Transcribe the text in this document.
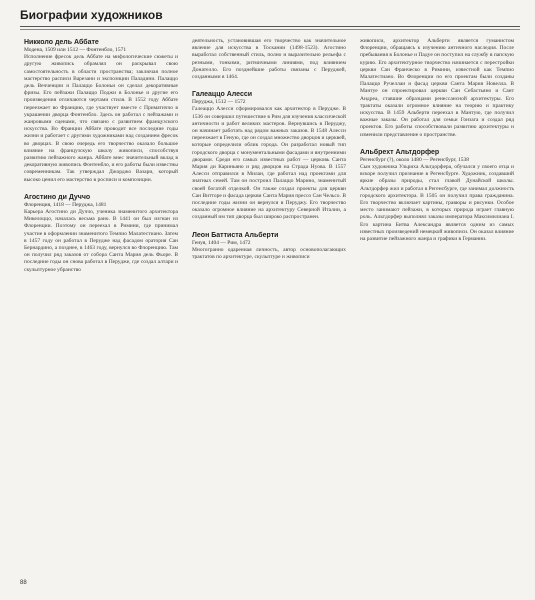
Биографии художников
Никколо дель Аббате
Модена, 1509 или 1512 — Фонтенбло, 1571
Исполнение фресок дель Аббате на мифологические сюжеты и другую живопись обрамлял он раскрывал свою самостоятельность в области пространства; заключая полное мастерство расписи Варезани и экспозиции Паладини. Палаццо дель Вечченции и Палаццо Болоньи он сделал декоративные фризы. Его пейзажи Палаццо Поджи в Болонье и другие его произведения отличаются чертами стиля. В 1552 году Аббате переезжает во Францию, где участвует вместе с Приматиччо в украшении дворца Фонтенбло. Здесь он работал с пейзажами и жанровыми сценами, что связано с развитием французского искусства. Во Франции Аббате проводит все последние годы жизни и работает с другими художниками над созданием фресок во дворцах. В свою очередь его творчество оказало большое влияние на французскую школу живописи, способствуя развитию пейзажного жанра. Аббате внес значительный вклад в декоративную живопись Фонтенбло, и его работы были известны современникам. Так утверждал Джорджо Вазари, который высоко ценил его мастерство в росписи и композиции.
Агостино ди Дуччо
Флоренция, 1418 — Перуджа, 1481
Карьера Агостино ди Дуччо, ученика знаменитого архитектора Микелоццо, началась весьма рано. В 1441 он был изгнан из Флоренции. Поэтому он переехал в Римини, где принимал участие в оформлении знаменитого Темпио Малатестиано. Затем в 1457 году он работал в Перудже над фасадом оратория Сан Бернардино, а позднее, в 1463 году, вернулся во Флоренцию. Там он получил ряд заказов от собора Санта Мария дель Фьоре. В последние годы он снова работал в Перудже, где создал алтари и скульптурное убранство
деятельность, установившая его творчество как значительное явление для искусства в Тоскании (1498-1523). Агостино выработал собственный стиль, полно и выразительно рельефа с резными, тонкими, ритмичными линиями, под влиянием Донателло. Его позднейшие работы связаны с Перуджей, созданными в 1464.
Галеаццо Алесси
Перуджа, 1512 — 1572
Галеаццо Алесси сформировался как архитектор в Перудже. В 1536 он совершил путешествие в Рим для изучения классической античности и работ великих мастеров. Вернувшись в Перуджу, он начинает работать над рядом важных заказов. В 1548 Алесси переезжает в Геную, где он создал множество дворцов и церквей, которые определили облик города. Он разработал новый тип городского дворца с монументальными фасадами и внутренними дворами. Среди его самых известных работ — церковь Санта Мария ди Кариньяно и ряд дворцов на Страда Нуова. В 1557 Алесси отправился в Милан, где работал над проектами для знатных семей. Там он построил Палаццо Марино, знаменитый своей богатой отделкой. Он также создал проекты для церкви Сан Витторе и фасада церкви Санта Мария прессо Сан Чельсо. В последние годы жизни он вернулся в Перуджу. Его творчество оказало огромное влияние на архитектуру Северной Италии, а созданный им тип дворца был широко распространен.
Леон Баттиста Альберти
Генуя, 1404 — Рим, 1472
Многогранно одаренная личность, автор основополагающих трактатов по архитектуре, скульптуре и живописи
живописи, архитектор Альберти является гуманистом Флоренции, обращаясь к изучению античного наследия. После пребывания в Болонье и Падуе он поступил на службу в папскую курию. Его архитектурное творчество начинается с перестройки церкви Сан Франческо в Римини, известной как Темпио Малатестиано. Во Флоренции по его проектам были созданы Палаццо Ручеллаи и фасад церкви Санта Мария Новелла. В Мантуе он спроектировал церкви Сан Себастьяно и Сант Андреа, ставшие образцами ренессансной архитектуры. Его трактаты оказали огромное влияние на теорию и практику искусства. В 1459 Альберти переехал в Мантую, где получил важные заказы. Он работал для семьи Гонзага и создал ряд проектов. Его работы способствовали развитию архитектуры и изменили представление о пространстве.
Альбрехт Альтдорфер
Регенсбург (?), около 1480 — Регенсбург, 1538
Сын художника Ульриха Альтдорфера, обучался у своего отца и вскоре получил признание в Регенсбурге. Художник, создавший яркие образы природы, стал главой Дунайской школы. Альтдорфер жил и работал в Регенсбурге, где занимал должность городского архитектора. В 1505 он получил права гражданина. Его творчество включает картины, гравюры и рисунки. Особое место занимают пейзажи, в которых природа играет главную роль. Альтдорфер выполнял заказы императора Максимилиана I. Его картина Битва Александра является одним из самых известных произведений немецкой живописи. Он оказал влияние на развитие пейзажного жанра и графики в Германии.
88
